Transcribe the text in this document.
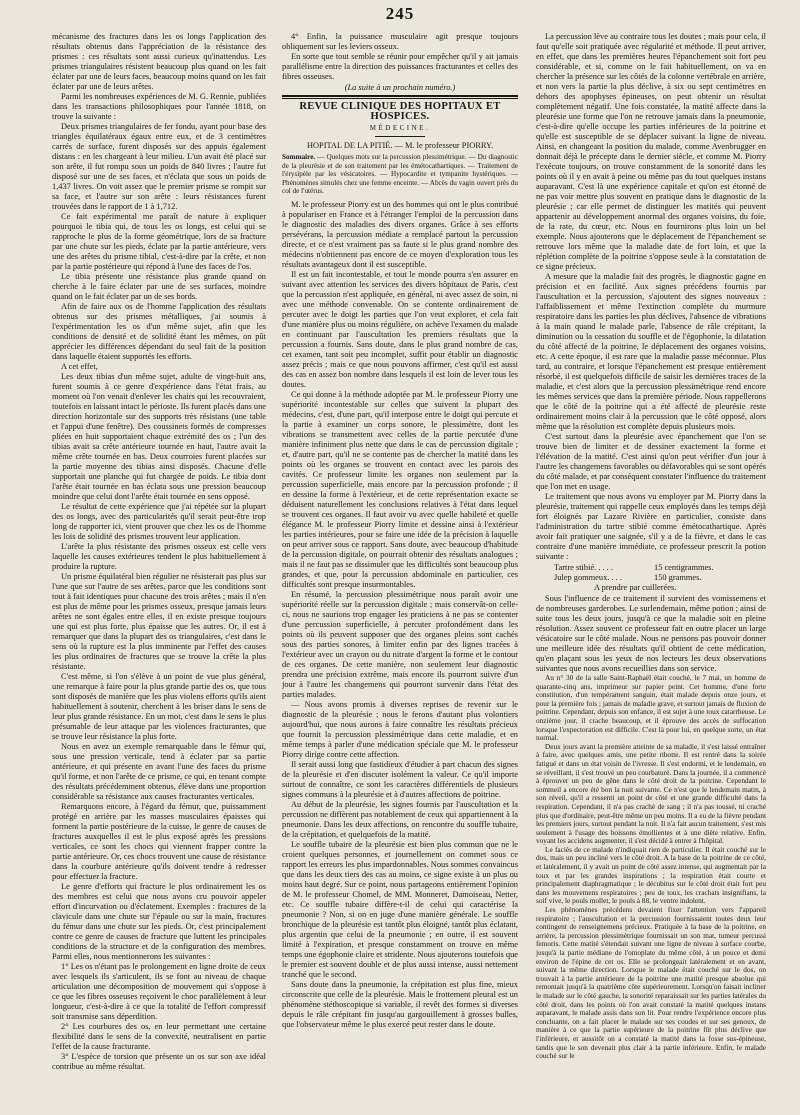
245

mécanisme des fractures dans les os longs l'application des résultats obtenus dans l'appréciation de la résistance des prismes : ces résultats sont aussi curieux qu'inattendus. Les prismes triangulaires résistent beaucoup plus quand on les fait éclater par une de leurs faces, beaucoup moins quand on les fait éclater par une de leurs arêtes.

Parmi les nombreuses expériences de M. G. Rennie, publiées dans les transactions philosophiques pour l'année 1818, on trouve la suivante :

Deux prismes triangulaires de fer fondu, ayant pour base des triangles équilatéraux égaux entre eux, et de 3 centimètres carrés de surface, furent disposés sur des appuis également distans : en les chargeant à leur milieu. L'un avait été placé sur son arête, il fut rompu sous un poids de 840 livres ; l'autre fut disposé sur une de ses faces, et n'éclata que sous un poids de 1,437 livres. On voit assez que le premier prisme se rompit sur sa face, et l'autre sur son arête : leurs résistances furent trouvées dans le rapport de 1 à 1,712.

Ce fait expérimental me paraît de nature à expliquer pourquoi le tibia qui, de tous les os longs, est celui qui se rapproche le plus de la forme géométrique, lors de sa fracture par une chute sur les pieds, éclate par la partie antérieure, vers une des arêtes du prisme tibial, c'est-à-dire par la crête, et non par la partie postérieure qui répond à l'une des faces de l'os.

Le tibia présente une résistance plus grande quand on cherche à le faire éclater par une de ses surfaces, moindre quand on le fait éclater par un de ses bords.

Afin de faire aux os de l'homme l'application des résultats obtenus sur des prismes métalliques, j'ai soumis à l'expérimentation les os d'un même sujet, afin que les conditions de densité et de solidité étant les mêmes, on pût apprécier les différences dépendant du seul fait de la position dans laquelle étaient supportés les efforts.

A cet effet,

Les deux tibias d'un même sujet, adulte de vingt-huit ans, furent soumis à ce genre d'expérience dans l'état frais, au moment où l'on venait d'enlever les chairs qui les recouvraient, toutefois en laissant intact le périoste. Ils furent placés dans une direction horizontale sur des supports très résistans (une table et l'appui d'une fenêtre). Des coussinets formés de compresses pliées en huit supportaient chaque extrémité des os ; l'un des tibias avait sa crête antérieure tournée en haut, l'autre avait la même crête tournée en bas. Deux courroies furent placées sur la partie moyenne des tibias ainsi disposés. Chacune d'elle supportait une planche qui fut chargée de poids. Le tibia dont l'arête était tournée en bas éclata sous une pression beaucoup moindre que celui dont l'arête était tournée en sens opposé.

Le résultat de cette expérience que j'ai répétée sur la plupart des os longs, avec des particularités qu'il serait peut-être trop long de rapporter ici, vient prouver que chez les os de l'homme les lois de solidité des prismes trouvent leur application.

L'arête la plus résistante des prismes osseux est celle vers laquelle les causes extérieures tendent le plus habituellement à produire la rupture.

Un prisme équilatéral bien régulier ne résisterait pas plus sur l'une que sur l'autre de ses arêtes, parce que les conditions sont tout à fait identiques pour chacune des trois arêtes ; mais il n'en est plus de même pour les prismes osseux, presque jamais leurs arêtes ne sont égales entre elles, il en existe presque toujours une qui est plus forte, plus épaisse que les autres. Or, il est à remarquer que dans la plupart des os triangulaires, c'est dans le sens où la rupture est la plus imminente par l'effet des causes les plus ordinaires de fractures que se trouve la crête la plus résistante.

C'est même, si l'on s'élève à un point de vue plus général, une remarque à faire pour la plus grande partie des os, que tous sont disposés de manière que les plus violens efforts qu'ils aient habituellement à soutenir, cherchent à les briser dans le sens de leur plus grande résistance. En un mot, c'est dans le sens le plus présumable de leur attaque par les violences fracturantes, que se trouve leur résistance la plus forte.

Nous en avez un exemple remarquable dans le fémur qui, sous une pression verticale, tend à éclater par sa partie antérieure, et qui présente en avant l'une des faces du prisme qu'il forme, et non l'arête de ce prisme, ce qui, en tenant compte des résultats précédemment obtenus, élève dans une proportion considérable sa résistance aux causes fracturantes verticales.

Remarquons encore, à l'égard du fémur, que, puissamment protégé en arrière par les masses musculaires épaisses qui forment la partie postérieure de la cuisse, le genre de causes de fractures auxquelles il est le plus exposé après les pressions verticales, ce sont les chocs qui viennent frapper contre la partie antérieure. Or, ces chocs trouvent une cause de résistance dans la courbure antérieure qu'ils doivent tendre à redresser pour effectuer la fracture.

Le genre d'efforts qui fracture le plus ordinairement les os des membres est celui que nous avons cru pouvoir appeler effort d'incurvation ou d'éclatement. Exemples : fractures de la clavicule dans une chute sur l'épaule ou sur la main, fractures du fémur dans une chute sur les pieds. Or, c'est principalement contre ce genre de causes de fracture que luttent les principales conditions de la structure et de la configuration des membres. Parmi elles, nous mentionnerons les suivantes :

1° Les os n'étant pas le prolongement en ligne droite de ceux avec lesquels ils s'articulent, ils se font au niveau de chaque articulation une décomposition de mouvement qui s'oppose à ce que les fibres osseuses reçoivent le choc parallèlement à leur longueur, c'est-à-dire à ce que la totalité de l'effort compressif soit transmise sans déperdition.

2° Les courbures des os, en leur permettant une certaine flexibilité dans le sens de la convexité, neutralisent en partie l'effet de la cause fracturante.

3° L'espèce de torsion que présente un os sur son axe idéal contribue au même résultat.

4° Enfin, la puissance musculaire agit presque toujours obliquement sur les leviers osseux.

En sorte que tout semble se réunir pour empêcher qu'il y ait jamais parallélisme entre la direction des puissances fracturantes et celles des fibres osseuses.

(La suite à un prochain numéro.)
REVUE CLINIQUE DES HOPITAUX ET HOSPICES.
MÉDECINE.
HOPITAL DE LA PITIÉ. — M. le professeur PIORRY.

Sommaire. — Quelques mots sur la percussion plessimétrique. — Du diagnostic de la pleurésie et de son traitement par les émétocathartiques. — Traitement de l'érysipèle par les vésicatoires. — Hypocardite et tympanite hystériques. — Phénomènes simulés chez une femme enceinte. — Abcès du vagin ouvert près du col de l'utérus.

M. le professeur Piorry est un des hommes qui ont le plus contribué à populariser en France et à l'étranger l'emploi de la percussion dans le diagnostic des maladies des divers organes. Grâce à ses efforts persévérans, la percussion médiate a remplacé partout la percussion directe, et ce n'est vraiment pas sa faute si le plus grand nombre des médecins n'obtiennent pas encore de ce moyen d'exploration tous les résultats avantageux dont il est susceptible.

Il est un fait incontestable, et tout le monde pourra s'en assurer en suivant avec attention les services des divers hôpitaux de Paris, c'est que la percussion n'est appliquée, en général, ni avec assez de soin, ni avec une méthode convenable. On se contente ordinairement de percuter avec le doigt les parties que l'on veut explorer, et cela fait d'une manière plus ou moins régulière, on achève l'examen du malade en continuant par l'auscultation les premiers résultats que la percussion a fournis. Sans doute, dans le plus grand nombre de cas, cet examen, tant soit peu incomplet, suffit pour établir un diagnostic assez précis ; mais ce que nous pouvons affirmer, c'est qu'il est aussi des cas en assez bon nombre dans lesquels il est loin de lever tous les doutes.

Ce qui donne à la méthode adoptée par M. le professeur Piorry une supériorité incontestable sur celles que suivent la plupart des médecins, c'est, d'une part, qu'il interpose entre le doigt qui percute et la partie à examiner un corps sonore, le plessimètre, dont les vibrations se transmettent avec celles de la partie percutée d'une manière infiniment plus nette que dans le cas de percussion digitale ; et, d'autre part, qu'il ne se contente pas de chercher la matité dans les points où les organes se trouvent en contact avec les parois des cavités. Ce professeur limite les organes non seulement par la percussion superficielle, mais encore par la percussion profonde ; il en dessine la forme à l'extérieur, et de cette représentation exacte se déduisent naturellement les conclusions relatives à l'état dans lequel se trouvent ces organes. Il faut avoir vu avec quelle habileté et quelle élégance M. le professeur Piorry limite et dessine ainsi à l'extérieur les parties intérieures, pour se faire une idée de la précision à laquelle on peut arriver sous ce rapport. Sans doute, avec beaucoup d'habitude de la percussion digitale, on pourrait obtenir des résultats analogues ; mais il ne faut pas se dissimuler que les difficultés sont beaucoup plus grandes, et que, pour la percussion abdominale en particulier, ces difficultés sont presque insurmontables.

En résumé, la percussion plessimétrique nous paraît avoir une supériorité réelle sur la percussion digitale ; mais conservât-on celle-ci, nous ne saurions trop engager les praticiens à ne pas se contenter d'une percussion superficielle, à percuter profondément dans les points où ils peuvent supposer que des organes pleins sont cachés sous des parties sonores, à limiter enfin par des lignes tracées à l'extérieur avec un crayon ou du nitrate d'argent la forme et le contour de ces organes. De cette manière, non seulement leur diagnostic prendra une précision extrême, mais encore ils pourront suivre d'un jour à l'autre les changemens qui pourront survenir dans l'état des parties malades.

— Nous avons promis à diverses reprises de revenir sur le diagnostic de la pleurésie ; nous le ferons d'autant plus volontiers aujourd'hui, que nous aurons à faire connaître les résultats précieux que fournit la percussion plessimétrique dans cette maladie, et en même temps à parler d'une médication spéciale que M. le professeur Piorry dirige contre cette affection.

Il serait aussi long que fastidieux d'étudier à part chacun des signes de la pleurésie et d'en discuter isolément la valeur. Ce qu'il importe surtout de connaître, ce sont les caractères différentiels de plusieurs signes communs à la pleurésie et à d'autres affections de poitrine.

Au début de la pleurésie, les signes fournis par l'auscultation et la percussion ne diffèrent pas notablement de ceux qui appartiennent à la pneumonie. Dans les deux affections, on rencontre du souffle tubaire, de la crépitation, et quelquefois de la matité.

Le souffle tubaire de la pleurésie est bien plus commun que ne le croient quelques personnes, et journellement on commet sous ce rapport les erreurs les plus impardonnables. Nous sommes convaincus que dans les deux tiers des cas au moins, ce signe existe à un plus ou moins haut degré. Sur ce point, nous partageons entièrement l'opinion de M. le professeur Chomel, de MM. Monneret, Damoiseau, Netter, etc. Ce souffle tubaire diffère-t-il de celui qui caractérise la pneumonie ? Non, si on en juge d'une manière générale. Le souffle bronchique de la pleurésie est tantôt plus éloigné, tantôt plus éclatant, plus argentin que celui de la pneumonie ; en outre, il est souvent limité à l'expiration, et presque constamment on trouve en même temps une égophonie claire et stridente. Nous ajouterons toutefois que le premier est souvent double et de plus aussi intense, aussi nettement tranché que le second.

Sans doute dans la pneumonie, la crépitation est plus fine, mieux circonscrite que celle de la pleurésie. Mais le frottement pleural est un phénomène stéthoscopique si variable, il revêt des formes si diverses depuis le râle crépitant fin jusqu'au gargouillement à grosses bulles, que l'observateur même le plus exercé peut rester dans le doute.

La percussion lève au contraire tous les doutes ; mais pour cela, il faut qu'elle soit pratiquée avec régularité et méthode. Il peut arriver, en effet, que dans les premières heures l'épanchement soit fort peu considérable, et si, comme on le fait habituellement, on va en chercher la présence sur les côtés de la colonne vertébrale en arrière, et non vers la partie la plus déclive, à six ou sept centimètres en dehors des apophyses épineuses, on peut obtenir un résultat complètement négatif. Une fois constatée, la matité affecte dans la pleurésie une forme que l'on ne retrouve jamais dans la pneumonie, c'est-à-dire qu'elle occupe les parties inférieures de la poitrine et qu'elle est susceptible de se déplacer suivant la ligne de niveau. Ainsi, en changeant la position du malade, comme Avenbrugger en donnait déjà le précepte dans le dernier siècle, et comme M. Piorry l'exécute toujours, on trouve constamment de la sonorité dans les points où il y en avait à peine ou même pas du tout quelques instans auparavant. C'est là une expérience capitale et qu'on est étonné de ne pas voir mettre plus souvent en pratique dans le diagnostic de la pleurésie ; car elle permet de distinguer les matités qui peuvent appartenir au développement anormal des organes voisins, du foie, de la rate, du cœur, etc. Nous en fournirons plus loin un bel exemple. Nous ajouterons que le déplacement de l'épanchement se retrouve lors même que la maladie date de fort loin, et que la réplétion complète de la poitrine s'oppose seule à la constatation de ce signe précieux.

A mesure que la maladie fait des progrès, le diagnostic gagne en précision et en facilité. Aux signes précédens fournis par l'auscultation et la percussion, s'ajoutent des signes nouveaux : l'affaiblissement et même l'extinction complète du murmure respiratoire dans les parties les plus déclives, l'absence de vibrations à la main quand le malade parle, l'absence de râle crépitant, la diminution ou la cessation du souffle et de l'égophonie, la dilatation du côté affecté de la poitrine, le déplacement des organes voisins, etc. A cette époque, il est rare que la maladie passe méconnue. Plus tard, au contraire, et lorsque l'épanchement est presque entièrement résorbé, il est quelquefois difficile de saisir les dernières traces de la maladie, et c'est alors que la percussion plessimétrique rend encore les mêmes services que dans la première période. Nous rappellerons que le côté de la poitrine qui a été affecté de pleurésie reste ordinairement moins clair à la percussion que le côté opposé, alors même que la résolution est complète depuis plusieurs mois.

C'est surtout dans la pleurésie avec épanchement que l'on se trouve bien de limiter et de dessiner exactement la forme et l'élévation de la matité. C'est ainsi qu'on peut vérifier d'un jour à l'autre les changemens favorables ou défavorables qui se sont opérés du côté malade, et par conséquent constater l'influence du traitement que l'on met en usage.

Le traitement que nous avons vu employer par M. Piorry dans la pleurésie, traitement qui rappelle ceux employés dans les temps déjà fort éloignés par Lazare Rivière en particulier, consiste dans l'administration du tartre stibié comme émétocathartique. Après avoir fait pratiquer une saignée, s'il y a de la fièvre, et dans le cas contraire d'une manière immédiate, ce professeur prescrit la potion suivante :

Tartre stibié. . . . .	15 centigrammes.
Julep gommeux. . . .	150 grammes.
A prendre par cuillerées.

Sous l'influence de ce traitement il survient des vomissemens et de nombreuses garderobes. Le surlendemain, même potion ; ainsi de suite tous les deux jours, jusqu'à ce que la maladie soit en pleine résolution. Assez souvent ce professeur fait en outre placer un large vésicatoire sur le côté malade. Nous ne pensons pas pouvoir donner une meilleure idée des résultats qu'il obtient de cette médication, qu'en plaçant sous les yeux de nos lecteurs les deux observations suivantes que nous avons recueillies dans son service.

Au n° 30 de la salle Saint-Raphaël était couché, le 7 mai, un homme de quarante-cinq ans, imprimeur sur papier peint. Cet homme, d'une forte constitution, d'un tempérament sanguin, était malade depuis onze jours, et pour la première fois ; jamais de maladie grave, et surtout jamais de fluxion de poitrine. Cependant, depuis son enfance, il est sujet à une toux catarrheuse. Le onzième jour, il crache beaucoup, et il éprouve des accès de suffocation lorsque l'expectoration est difficile. C'est là pour lui, en quelque sorte, un état normal.

Deux jours avant la première atteinte de sa maladie, il s'est laissé entraîner à faire, avec quelques amis, une petite ribotte. Il est rentré dans la soirée fatigué et dans un état voisin de l'ivresse. Il s'est endormi, et le lendemain, en se réveillant, il s'est trouvé un peu courbaturé. Dans la journée, il a commencé à éprouver un peu de gêne dans le côté droit de la poitrine. Cependant le sommeil a encore été bon la nuit suivante. Ce n'est que le lendemain matin, à son réveil, qu'il a ressenti un point de côté et une grande difficulté dans la respiration. Cependant, il n'a pas craché de sang ; il n'a pas toussé, ni craché plus que d'ordinaire, peut-être même un peu moins. Il a eu de la fièvre pendant les premiers jours, surtout pendant la nuit. Il n'a fait aucun traitement, s'est mis seulement à l'usage des boissons émollientes et à une diète relative. Enfin, voyant les accidens augmenter, il s'est décidé à entrer à l'hôpital.

Le faciès de ce malade n'indiquait rien de particulier. Il était couché sur le dos, mais un peu incliné vers le côté droit. A la base de la poitrine de ce côté, et latéralement, il y avait un point de côté assez intense, qui augmentait par la toux et par les grandes inspirations ; la respiration était courte et principalement diaphragmatique ; le décubitus sur le côté droit était fort peu dans les mouvemens respiratoires ; peu de toux, les crachats insignifians, la soif vive, le pouls mollet, le pouls à 88, le ventre indolent.

Les phénomènes précédens devaient fixer l'attention vers l'appareil respiratoire ; l'auscultation et la percussion fournissaient toutes deux leur contingent de renseignemens précieux. Pratiquée à la base de la poitrine, en arrière, la percussion plessimétrique fournissait un son mat, tumeur percussi femoris. Cette matité s'étendait suivant une ligne de niveau à surface courbe, jusqu'à la partie médiane de l'omoplate du même côté, à un pouce et demi environ de l'épine de cet os. Elle se prolongeait latéralement et en avant, suivant la même direction. Lorsque le malade était couché sur le dos, on trouvait à la partie antérieure de la poitrine une matité presque absolue qui remontait jusqu'à la quatrième côte supérieurement. Lorsqu'on faisait incliner le malade sur le côté gauche, la sonorité reparaissait sur les parties latérales du côté droit, dans les points où l'on avait constaté la matité quelques instans auparavant, le malade assis dans son lit. Pour rendre l'expérience encore plus concluante, on a fait placer le malade sur ses coudes et sur ses genoux, de manière à ce que la partie supérieure de la poitrine fût plus déclive que l'inférieure, et aussitôt on a constaté la matité dans la fosse sus-épineuse, tandis que le son devenait plus clair à la partie inférieure. Enfin, le malade couché sur le
